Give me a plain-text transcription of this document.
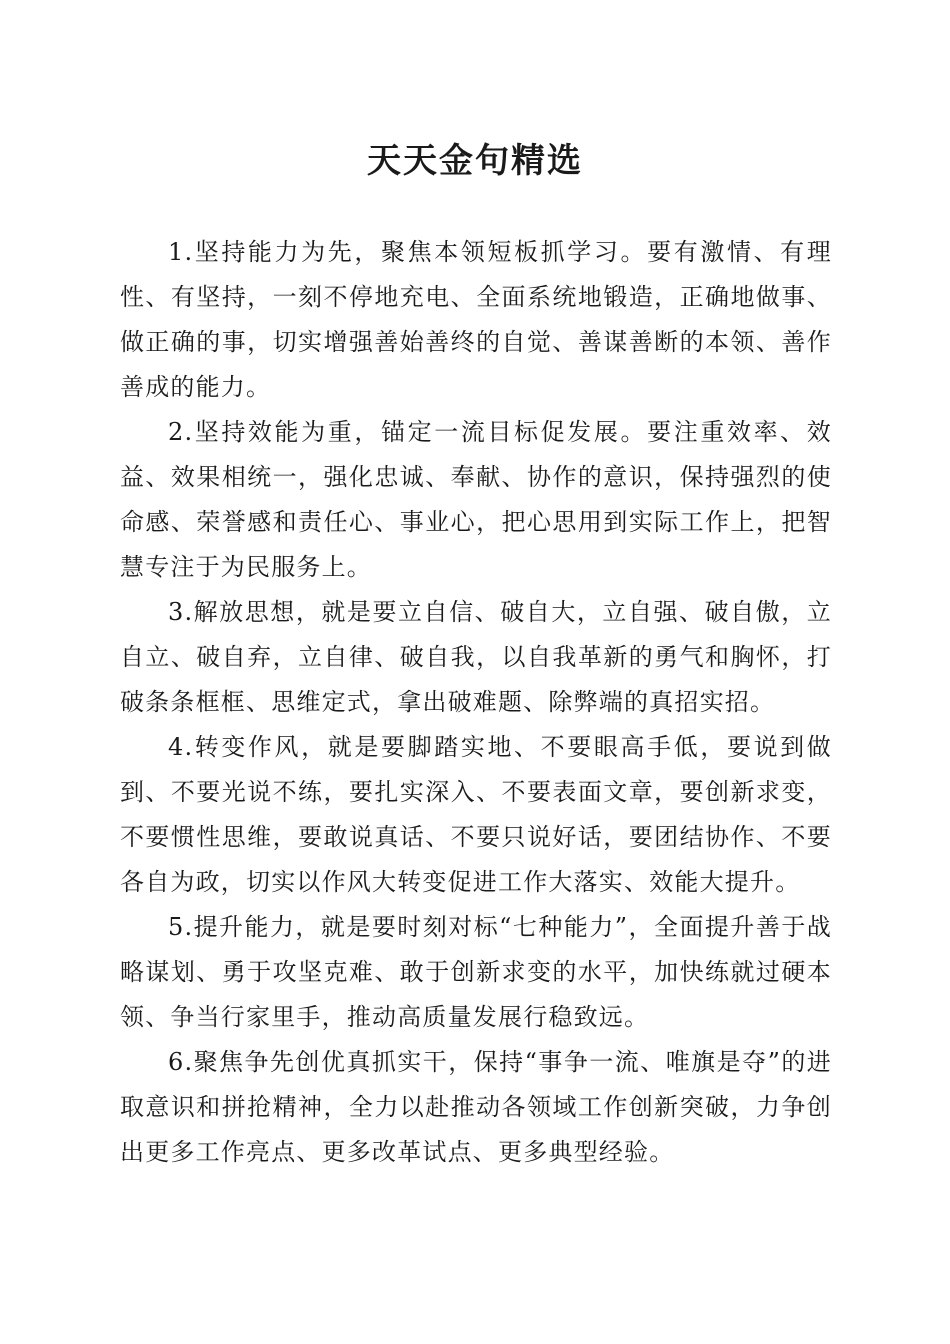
天天金句精选

1.坚持能力为先，聚焦本领短板抓学习。要有激情、有理性、有坚持，一刻不停地充电、全面系统地锻造，正确地做事、做正确的事，切实增强善始善终的自觉、善谋善断的本领、善作善成的能力。

2.坚持效能为重，锚定一流目标促发展。要注重效率、效益、效果相统一，强化忠诚、奉献、协作的意识，保持强烈的使命感、荣誉感和责任心、事业心，把心思用到实际工作上，把智慧专注于为民服务上。

3.解放思想，就是要立自信、破自大，立自强、破自傲，立自立、破自弃，立自律、破自我，以自我革新的勇气和胸怀，打破条条框框、思维定式，拿出破难题、除弊端的真招实招。

4.转变作风，就是要脚踏实地、不要眼高手低，要说到做到、不要光说不练，要扎实深入、不要表面文章，要创新求变，不要惯性思维，要敢说真话、不要只说好话，要团结协作、不要各自为政，切实以作风大转变促进工作大落实、效能大提升。

5.提升能力，就是要时刻对标“七种能力”，全面提升善于战略谋划、勇于攻坚克难、敢于创新求变的水平，加快练就过硬本领、争当行家里手，推动高质量发展行稳致远。

6.聚焦争先创优真抓实干，保持“事争一流、唯旗是夺”的进取意识和拼抢精神，全力以赴推动各领域工作创新突破，力争创出更多工作亮点、更多改革试点、更多典型经验。
